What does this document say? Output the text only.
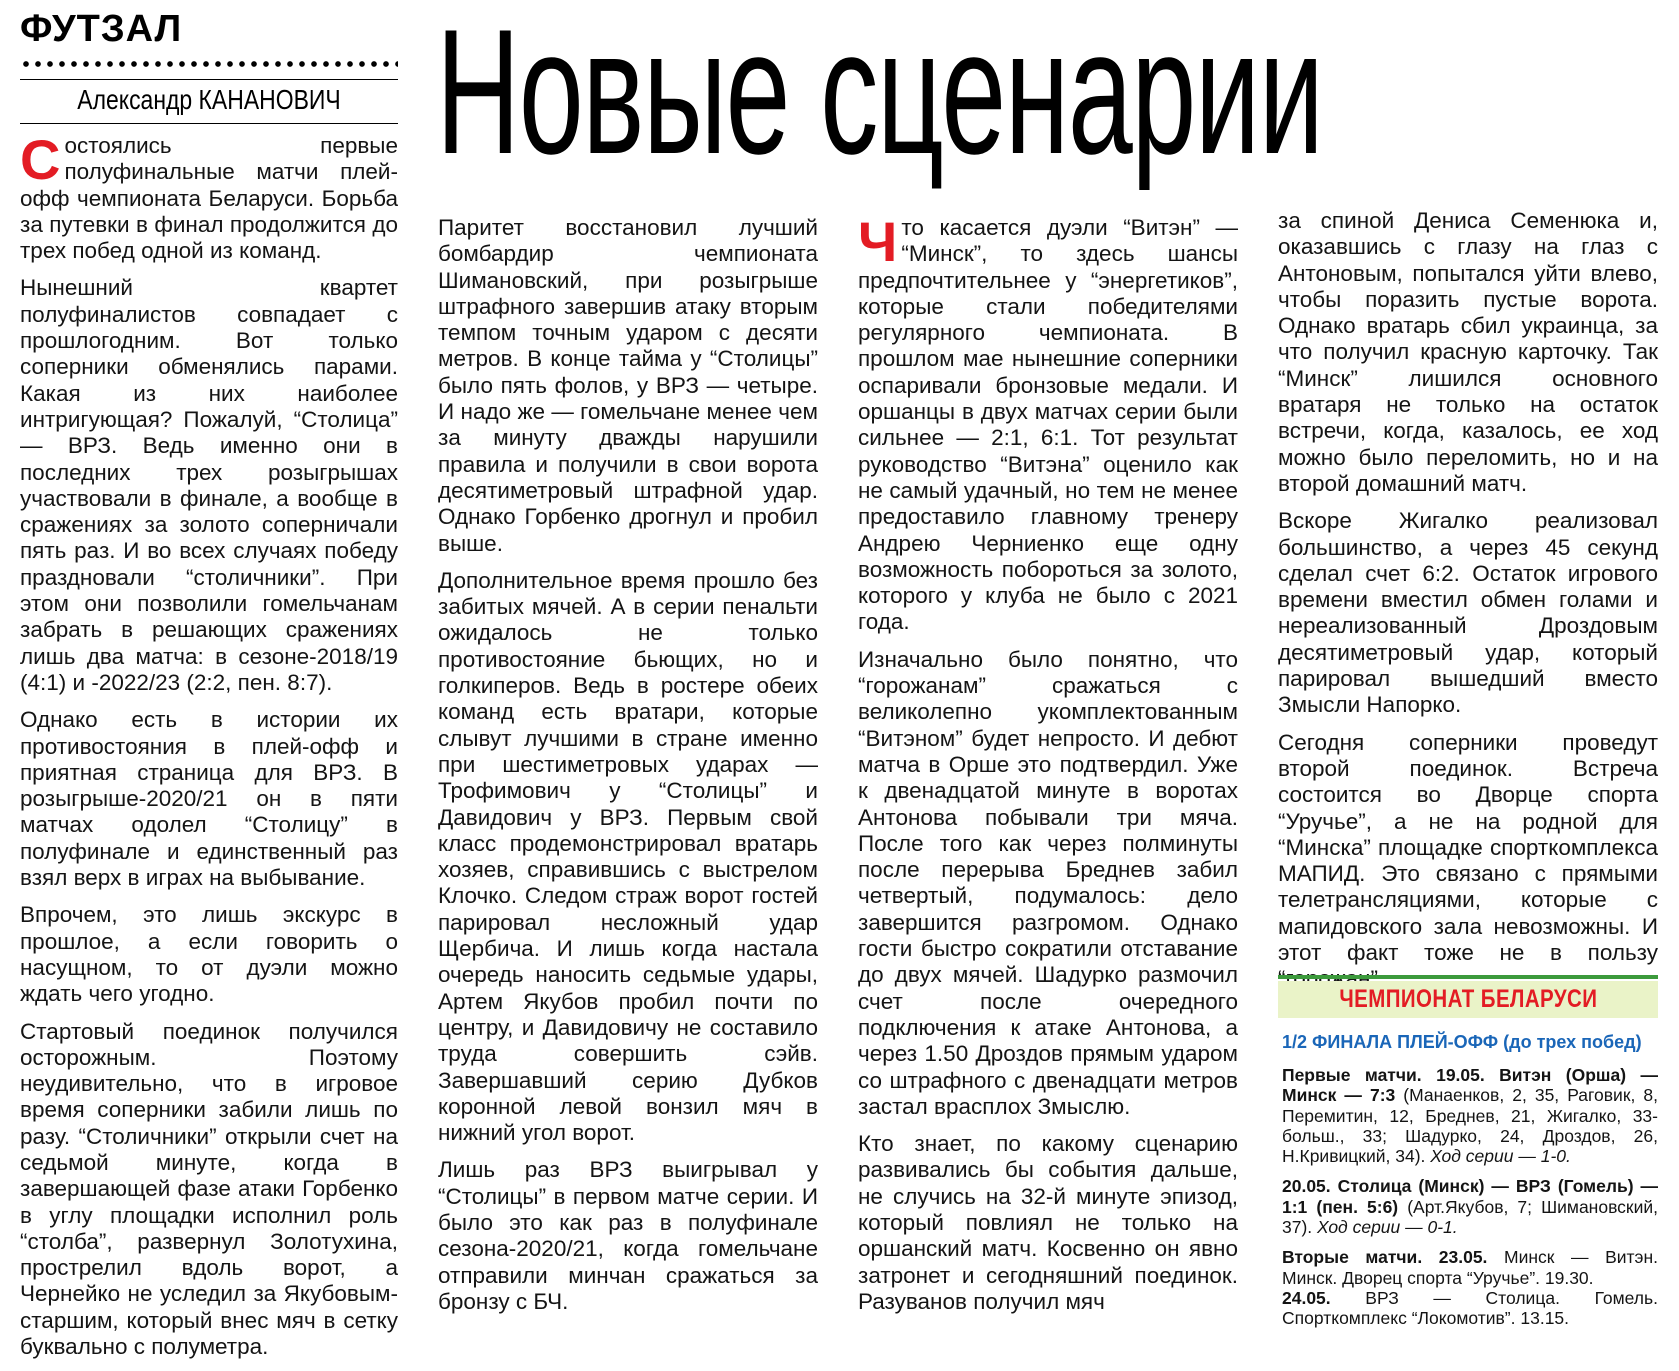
ФУТЗАЛ
Александр КАНАНОВИЧ Новые сценарии

Состоялись первые полуфинальные матчи плей-офф чемпионата Беларуси. Борьба за путевки в финал продолжится до трех побед одной из команд.

Нынешний квартет полуфиналистов совпадает с прошлогодним. Вот только соперники обменялись парами. Какая из них наиболее интригующая? Пожалуй, “Столица” — ВРЗ. Ведь именно они в последних трех розыгрышах участвовали в финале, а вообще в сражениях за золото соперничали пять раз. И во всех случаях победу праздновали “столичники”. При этом они позволили гомельчанам забрать в решающих сражениях лишь два матча: в сезоне-2018/19 (4:1) и -2022/23 (2:2, пен. 8:7).

Однако есть в истории их противостояния в плей-офф и приятная страница для ВРЗ. В розыгрыше-2020/21 он в пяти матчах одолел “Столицу” в полуфинале и единственный раз взял верх в играх на выбывание.

Впрочем, это лишь экскурс в прошлое, а если говорить о насущном, то от дуэли можно ждать чего угодно.

Стартовый поединок получился осторожным. Поэтому неудивительно, что в игровое время соперники забили лишь по разу. “Столичники” открыли счет на седьмой минуте, когда в завершающей фазе атаки Горбенко в углу площадки исполнил роль “столба”, развернул Золотухина, прострелил вдоль ворот, а Чернейко не уследил за Якубовым-старшим, который внес мяч в сетку буквально с полуметра.

Паритет восстановил лучший бомбардир чемпионата Шимановский, при розыгрыше штрафного завершив атаку вторым темпом точным ударом с десяти метров. В конце тайма у “Столицы” было пять фолов, у ВРЗ — четыре. И надо же — гомельчане менее чем за минуту дважды нарушили правила и получили в свои ворота десятиметровый штрафной удар. Однако Горбенко дрогнул и пробил выше.

Дополнительное время прошло без забитых мячей. А в серии пенальти ожидалось не только противостояние бьющих, но и голкиперов. Ведь в ростере обеих команд есть вратари, которые слывут лучшими в стране именно при шестиметровых ударах — Трофимович у “Столицы” и Давидович у ВРЗ. Первым свой класс продемонстрировал вратарь хозяев, справившись с выстрелом Клочко. Следом страж ворот гостей парировал несложный удар Щербича. И лишь когда настала очередь наносить седьмые удары, Артем Якубов пробил почти по центру, и Давидовичу не составило труда совершить сэйв. Завершавший серию Дубков коронной левой вонзил мяч в нижний угол ворот.

Лишь раз ВРЗ выигрывал у “Столицы” в первом матче серии. И было это как раз в полуфинале сезона-2020/21, когда гомельчане отправили минчан сражаться за бронзу с БЧ.

Что касается дуэли “Витэн” — “Минск”, то здесь шансы предпочтительнее у “энергетиков”, которые стали победителями регулярного чемпионата. В прошлом мае нынешние соперники оспаривали бронзовые медали. И оршанцы в двух матчах серии были сильнее — 2:1, 6:1. Тот результат руководство “Витэна” оценило как не самый удачный, но тем не менее предоставило главному тренеру Андрею Черниенко еще одну возможность побороться за золото, которого у клуба не было с 2021 года.

Изначально было понятно, что “горожанам” сражаться с великолепно укомплектованным “Витэном” будет непросто. И дебют матча в Орше это подтвердил. Уже к двенадцатой минуте в воротах Антонова побывали три мяча. После того как через полминуты после перерыва Бреднев забил четвертый, подумалось: дело завершится разгромом. Однако гости быстро сократили отставание до двух мячей. Шадурко размочил счет после очередного подключения к атаке Антонова, а через 1.50 Дроздов прямым ударом со штрафного с двенадцати метров застал врасплох Змыслю.

Кто знает, по какому сценарию развивались бы события дальше, не случись на 32-й минуте эпизод, который повлиял не только на оршанский матч. Косвенно он явно затронет и сегодняшний поединок. Разуванов получил мяч

за спиной Дениса Семенюка и, оказавшись с глазу на глаз с Антоновым, попытался уйти влево, чтобы поразить пустые ворота. Однако вратарь сбил украинца, за что получил красную карточку. Так “Минск” лишился основного вратаря не только на остаток встречи, когда, казалось, ее ход можно было переломить, но и на второй домашний матч.

Вскоре Жигалко реализовал большинство, а через 45 секунд сделал счет 6:2. Остаток игрового времени вместил обмен голами и нереализованный Дроздовым десятиметровый удар, который парировал вышедший вместо Змысли Напорко.

Сегодня соперники проведут второй поединок. Встреча состоится во Дворце спорта “Уручье”, а не на родной для “Минска” площадке спорткомплекса МАПИД. Это связано с прямыми телетрансляциями, которые с мапидовского зала невозможны. И этот факт тоже не в пользу

ЧЕМПИОНАТ БЕЛАРУСИ
1/2 ФИНАЛА ПЛЕЙ-ОФФ (до трех побед)

Первые матчи. 19.05. Витэн (Орша) — Минск — 7:3 (Манаенков, 2, 35, Раговик, 8, Перемитин, 12, Бреднев, 21, Жигалко, 33-больш., 33; Шадурко, 24, Дроздов, 26, Н.Кривицкий, 34). Ход серии — 1-0.

20.05. Столица (Минск) — ВРЗ (Гомель) — 1:1 (пен. 5:6) (Арт.Якубов, 7; Шимановский, 37). Ход серии — 0-1.

Вторые матчи. 23.05. Минск — Витэн. Минск. Дворец спорта “Уручье”. 19.30.

24.05. ВРЗ — Столица. Гомель. Спорткомплекс “Локомотив”. 13.15.
